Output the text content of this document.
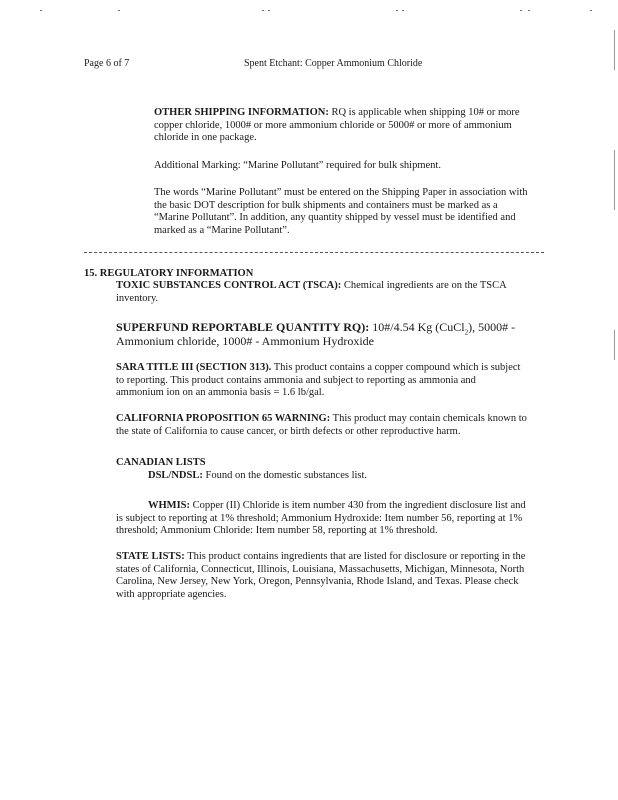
Page 6 of 7	Spent Etchant: Copper Ammonium Chloride
OTHER SHIPPING INFORMATION: RQ is applicable when shipping 10# or more copper chloride, 1000# or more ammonium chloride or 5000# or more of ammonium chloride in one package.
Additional Marking: “Marine Pollutant” required for bulk shipment.
The words “Marine Pollutant” must be entered on the Shipping Paper in association with the basic DOT description for bulk shipments and containers must be marked as a “Marine Pollutant”. In addition, any quantity shipped by vessel must be identified and marked as a “Marine Pollutant”.
15. REGULATORY INFORMATION
TOXIC SUBSTANCES CONTROL ACT (TSCA): Chemical ingredients are on the TSCA inventory.
SUPERFUND REPORTABLE QUANTITY RQ): 10#/4.54 Kg (CuCl$_2$), 5000# - Ammonium chloride, 1000# - Ammonium Hydroxide
SARA TITLE III (SECTION 313). This product contains a copper compound which is subject to reporting. This product contains ammonia and subject to reporting as ammonia and ammonium ion on an ammonia basis = 1.6 lb/gal.
CALIFORNIA PROPOSITION 65 WARNING: This product may contain chemicals known to the state of California to cause cancer, or birth defects or other reproductive harm.
CANADIAN LISTS
DSL/NDSL: Found on the domestic substances list.
WHMIS: Copper (II) Chloride is item number 430 from the ingredient disclosure list and is subject to reporting at 1% threshold; Ammonium Hydroxide: Item number 56, reporting at 1% threshold; Ammonium Chloride: Item number 58, reporting at 1% threshold.
STATE LISTS: This product contains ingredients that are listed for disclosure or reporting in the states of California, Connecticut, Illinois, Louisiana, Massachusetts, Michigan, Minnesota, North Carolina, New Jersey, New York, Oregon, Pennsylvania, Rhode Island, and Texas. Please check with appropriate agencies.
